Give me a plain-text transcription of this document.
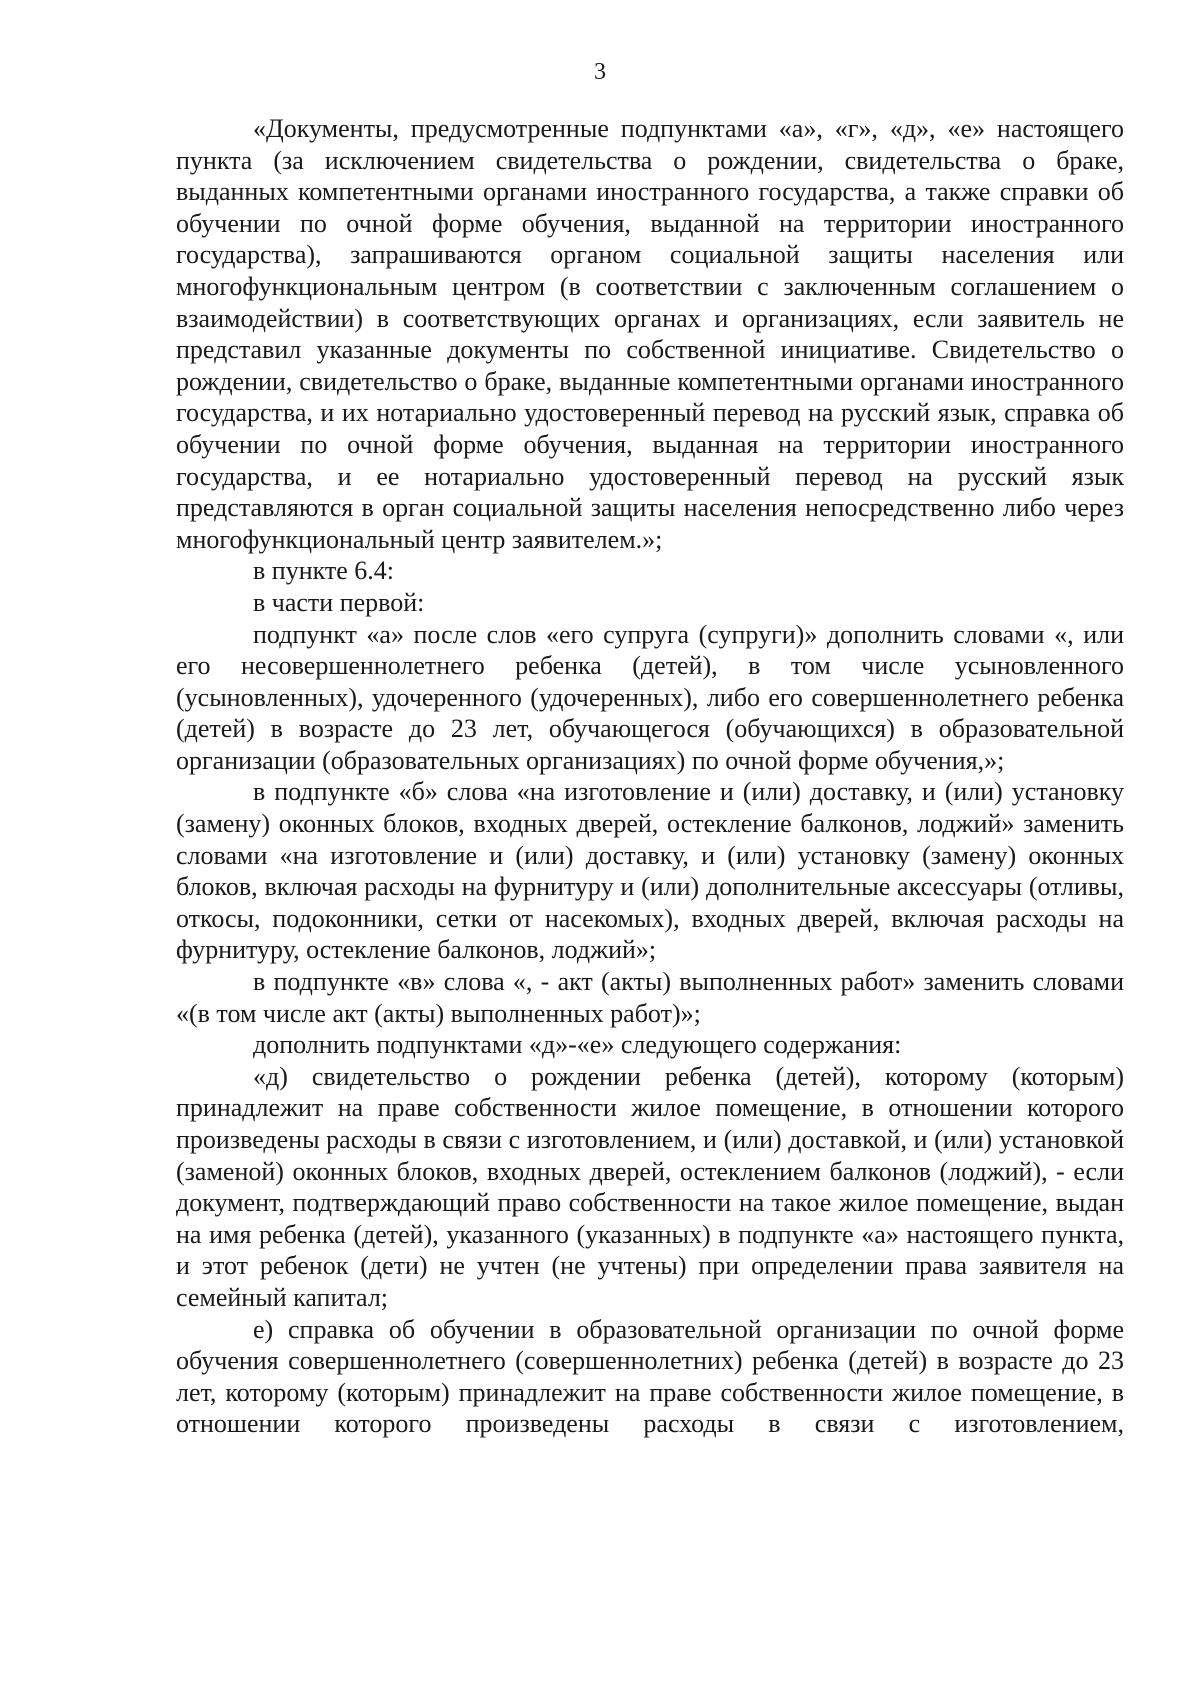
3

«Документы, предусмотренные подпунктами «а», «г», «д», «е» настоящего пункта (за исключением свидетельства о рождении, свидетельства о браке, выданных компетентными органами иностранного государства, а также справки об обучении по очной форме обучения, выданной на территории иностранного государства), запрашиваются органом социальной защиты населения или многофункциональным центром (в соответствии с заключенным соглашением о взаимодействии) в соответствующих органах и организациях, если заявитель не представил указанные документы по собственной инициативе. Свидетельство о рождении, свидетельство о браке, выданные компетентными органами иностранного государства, и их нотариально удостоверенный перевод на русский язык, справка об обучении по очной форме обучения, выданная на территории иностранного государства, и ее нотариально удостоверенный перевод на русский язык представляются в орган социальной защиты населения непосредственно либо через многофункциональный центр заявителем.»;

в пункте 6.4:

в части первой:

подпункт «а» после слов «его супруга (супруги)» дополнить словами «, или его несовершеннолетнего ребенка (детей), в том числе усыновленного (усыновленных), удочеренного (удочеренных), либо его совершеннолетнего ребенка (детей) в возрасте до 23 лет, обучающегося (обучающихся) в образовательной организации (образовательных организациях) по очной форме обучения,»;

в подпункте «б» слова «на изготовление и (или) доставку, и (или) установку (замену) оконных блоков, входных дверей, остекление балконов, лоджий» заменить словами «на изготовление и (или) доставку, и (или) установку (замену) оконных блоков, включая расходы на фурнитуру и (или) дополнительные аксессуары (отливы, откосы, подоконники, сетки от насекомых), входных дверей, включая расходы на фурнитуру, остекление балконов, лоджий»;

в подпункте «в» слова «, - акт (акты) выполненных работ» заменить словами «(в том числе акт (акты) выполненных работ)»;

дополнить подпунктами «д»-«е» следующего содержания:

«д) свидетельство о рождении ребенка (детей), которому (которым) принадлежит на праве собственности жилое помещение, в отношении которого произведены расходы в связи с изготовлением, и (или) доставкой, и (или) установкой (заменой) оконных блоков, входных дверей, остеклением балконов (лоджий), - если документ, подтверждающий право собственности на такое жилое помещение, выдан на имя ребенка (детей), указанного (указанных) в подпункте «а» настоящего пункта, и этот ребенок (дети) не учтен (не учтены) при определении права заявителя на семейный капитал;

е) справка об обучении в образовательной организации по очной форме обучения совершеннолетнего (совершеннолетних) ребенка (детей) в возрасте до 23 лет, которому (которым) принадлежит на праве собственности жилое помещение, в отношении которого произведены расходы в связи с изготовлением,
